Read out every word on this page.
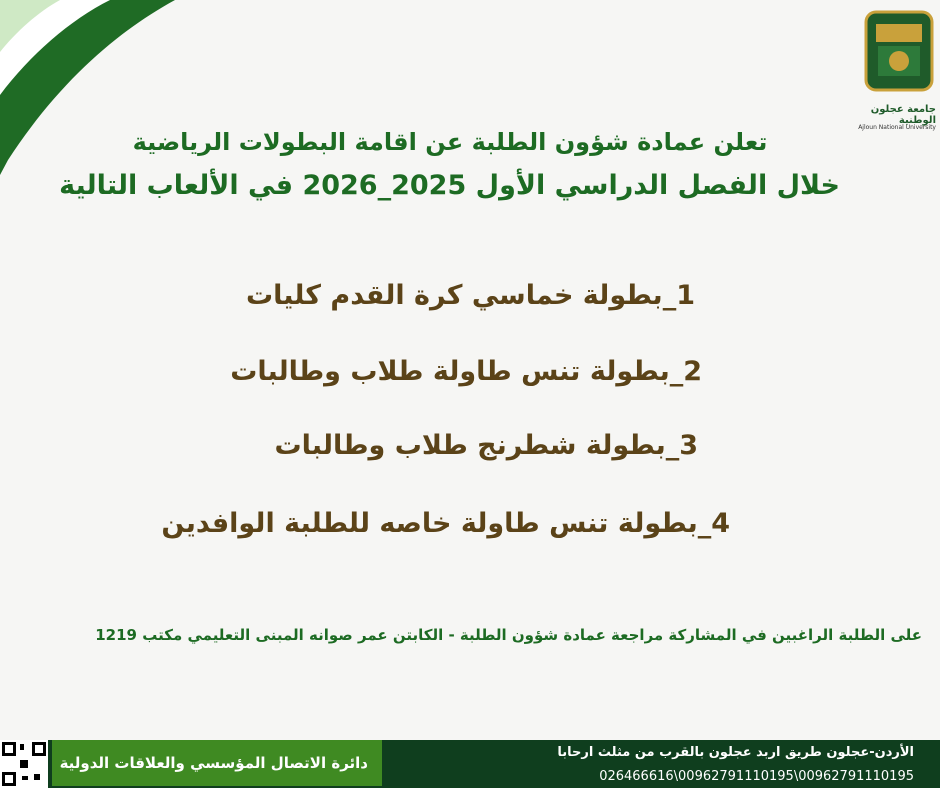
جامعة عجلون الوطنية
Ajloun National University
تعلن عمادة شؤون الطلبة عن اقامة البطولات الرياضية
خلال الفصل الدراسي الأول 2025_2026 في الألعاب التالية
1_بطولة خماسي كرة القدم كليات
2_بطولة تنس طاولة طلاب وطالبات
3_بطولة شطرنج طلاب وطالبات
4_بطولة تنس طاولة خاصه للطلبة الوافدين
على الطلبة الراغبين في المشاركة مراجعة عمادة شؤون الطلبة - الكابتن عمر صوانه المبنى التعليمي مكتب 1219
دائرة الاتصال المؤسسي والعلاقات الدولية
الأردن-عجلون طريق اربد عجلون بالقرب من مثلث ارحابا
026466616\00962791110195\00962791110195
